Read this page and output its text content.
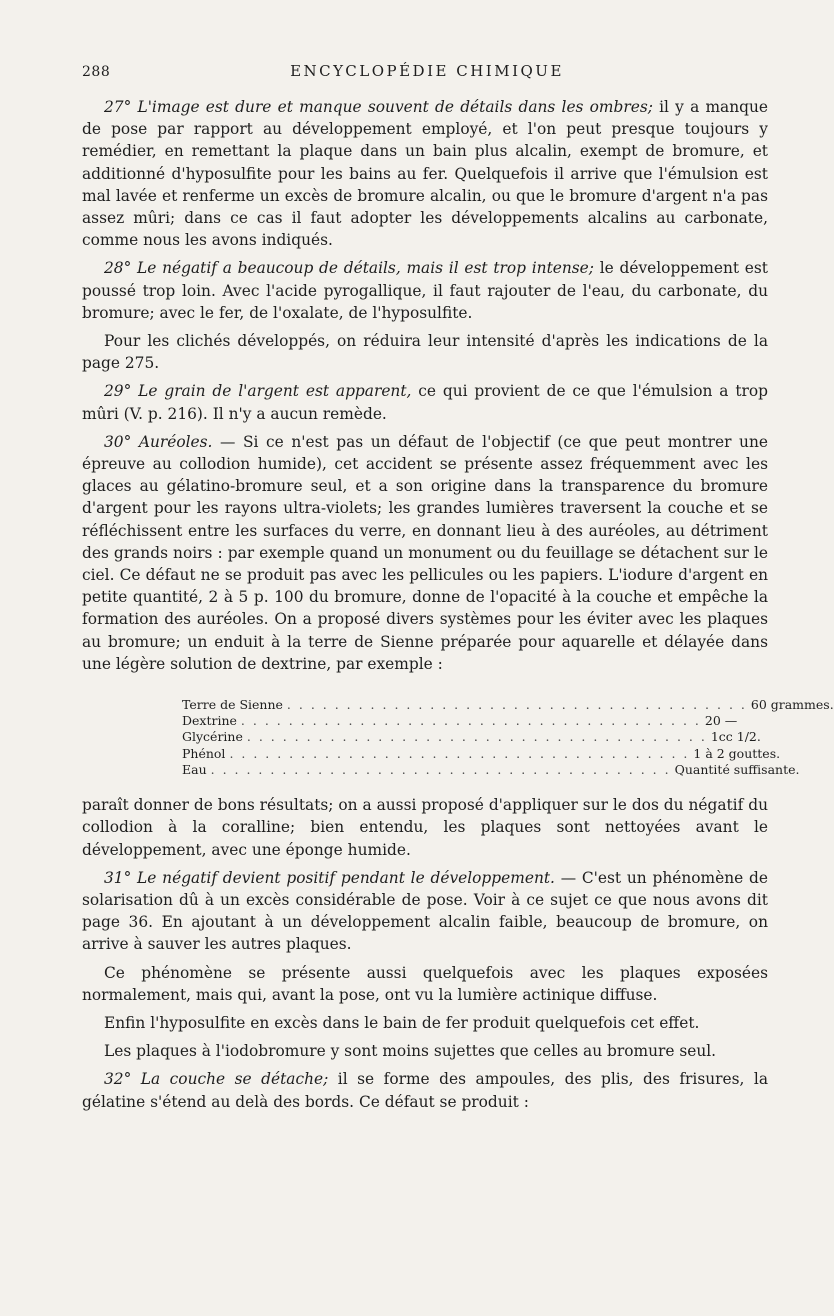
288	ENCYCLOPÉDIE CHIMIQUE

27° L'image est dure et manque souvent de détails dans les ombres; il y a manque de pose par rapport au développement employé, et l'on peut presque toujours y remédier, en remettant la plaque dans un bain plus alcalin, exempt de bromure, et additionné d'hyposulfite pour les bains au fer. Quelquefois il arrive que l'émulsion est mal lavée et renferme un excès de bromure alcalin, ou que le bromure d'argent n'a pas assez mûri; dans ce cas il faut adopter les développements alcalins au carbonate, comme nous les avons indiqués.

28° Le négatif a beaucoup de détails, mais il est trop intense; le développement est poussé trop loin. Avec l'acide pyrogallique, il faut rajouter de l'eau, du carbonate, du bromure; avec le fer, de l'oxalate, de l'hyposulfite.

Pour les clichés développés, on réduira leur intensité d'après les indications de la page 275.

29° Le grain de l'argent est apparent, ce qui provient de ce que l'émulsion a trop mûri (V. p. 216). Il n'y a aucun remède.

30° Auréoles. — Si ce n'est pas un défaut de l'objectif (ce que peut montrer une épreuve au collodion humide), cet accident se présente assez fréquemment avec les glaces au gélatino-bromure seul, et a son origine dans la transparence du bromure d'argent pour les rayons ultra-violets; les grandes lumières traversent la couche et se réfléchissent entre les surfaces du verre, en donnant lieu à des auréoles, au détriment des grands noirs : par exemple quand un monument ou du feuillage se détachent sur le ciel. Ce défaut ne se produit pas avec les pellicules ou les papiers. L'iodure d'argent en petite quantité, 2 à 5 p. 100 du bromure, donne de l'opacité à la couche et empêche la formation des auréoles. On a proposé divers systèmes pour les éviter avec les plaques au bromure; un enduit à la terre de Sienne préparée pour aquarelle et délayée dans une légère solution de dextrine, par exemple :

Terre de Sienne . . . . . . . . . . . . . . . . . . . . . . . . . . . . . . . . . . . . . . . 60 grammes.
Dextrine . . . . . . . . . . . . . . . . . . . . . . . . . . . . . . . . . . . . . . . 20 —
Glycérine . . . . . . . . . . . . . . . . . . . . . . . . . . . . . . . . . . . . . . . 1cc 1/2.
Phénol . . . . . . . . . . . . . . . . . . . . . . . . . . . . . . . . . . . . . . . 1 à 2 gouttes.
Eau . . . . . . . . . . . . . . . . . . . . . . . . . . . . . . . . . . . . . . . Quantité suffisante.

paraît donner de bons résultats; on a aussi proposé d'appliquer sur le dos du négatif du collodion à la coralline; bien entendu, les plaques sont nettoyées avant le développement, avec une éponge humide.

31° Le négatif devient positif pendant le développement. — C'est un phénomène de solarisation dû à un excès considérable de pose. Voir à ce sujet ce que nous avons dit page 36. En ajoutant à un développement alcalin faible, beaucoup de bromure, on arrive à sauver les autres plaques.

Ce phénomène se présente aussi quelquefois avec les plaques exposées normalement, mais qui, avant la pose, ont vu la lumière actinique diffuse.

Enfin l'hyposulfite en excès dans le bain de fer produit quelquefois cet effet.

Les plaques à l'iodobromure y sont moins sujettes que celles au bromure seul.

32° La couche se détache; il se forme des ampoules, des plis, des frisures, la gélatine s'étend au delà des bords. Ce défaut se produit :
